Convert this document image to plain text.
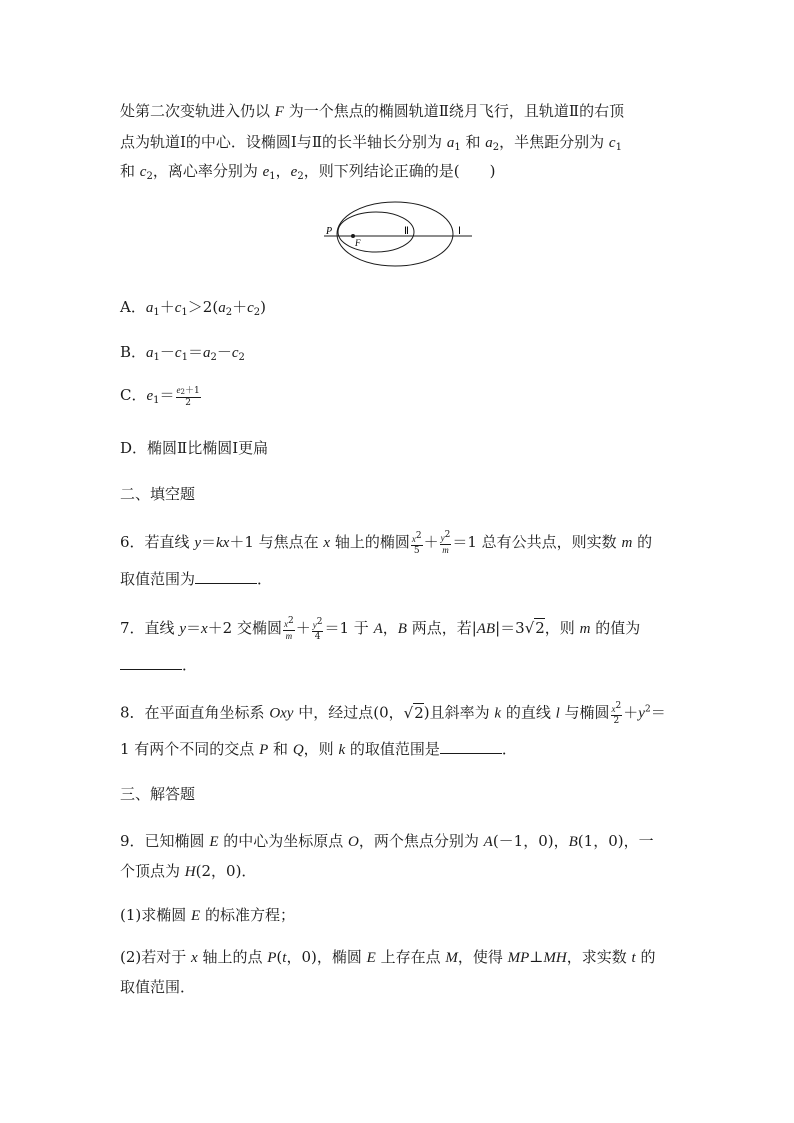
处第二次变轨进入仍以 F 为一个焦点的椭圆轨道Ⅱ绕月飞行，且轨道Ⅱ的右顶
点为轨道Ⅰ的中心．设椭圆Ⅰ与Ⅱ的长半轴长分别为 $a_1$ 和 $a_2$，半焦距分别为 $c_1$
和 $c_2$，离心率分别为 $e_1$，$e_2$，则下列结论正确的是(　　)
P
F
Ⅱ	Ⅰ
A．$a_1+c_1>2(a_2+c_2)$
B．$a_1-c_1=a_2-c_2$
C．$e_1= \frac{e_2+1}{2}$
D．椭圆Ⅱ比椭圆Ⅰ更扁
二、填空题
6．若直线 y＝kx＋1 与焦点在 x 轴上的椭圆 $\frac{x^2}{5} + \frac{y^2}{m} =1$ 总有公共点，则实数 m 的
取值范围为	．
7．直线 y＝x＋2 交椭圆 $\frac{x^2}{m} + \frac{y^2}{4} =1$ 于 A，B 两点，若|AB|＝3√2，则 m 的值为
．
8．在平面直角坐标系 Oxy 中，经过点(0，√2)且斜率为 k 的直线 l 与椭圆 $\frac{x^2}{2} +y^2=$
1 有两个不同的交点 P 和 Q，则 k 的取值范围是	．
三、解答题
9．已知椭圆 E 的中心为坐标原点 O，两个焦点分别为 A(－1，0)，B(1，0)，一
个顶点为 H(2，0)．
(1)求椭圆 E 的标准方程；
(2)若对于 x 轴上的点 P(t，0)，椭圆 E 上存在点 M，使得 MP⊥MH，求实数 t 的
取值范围．
